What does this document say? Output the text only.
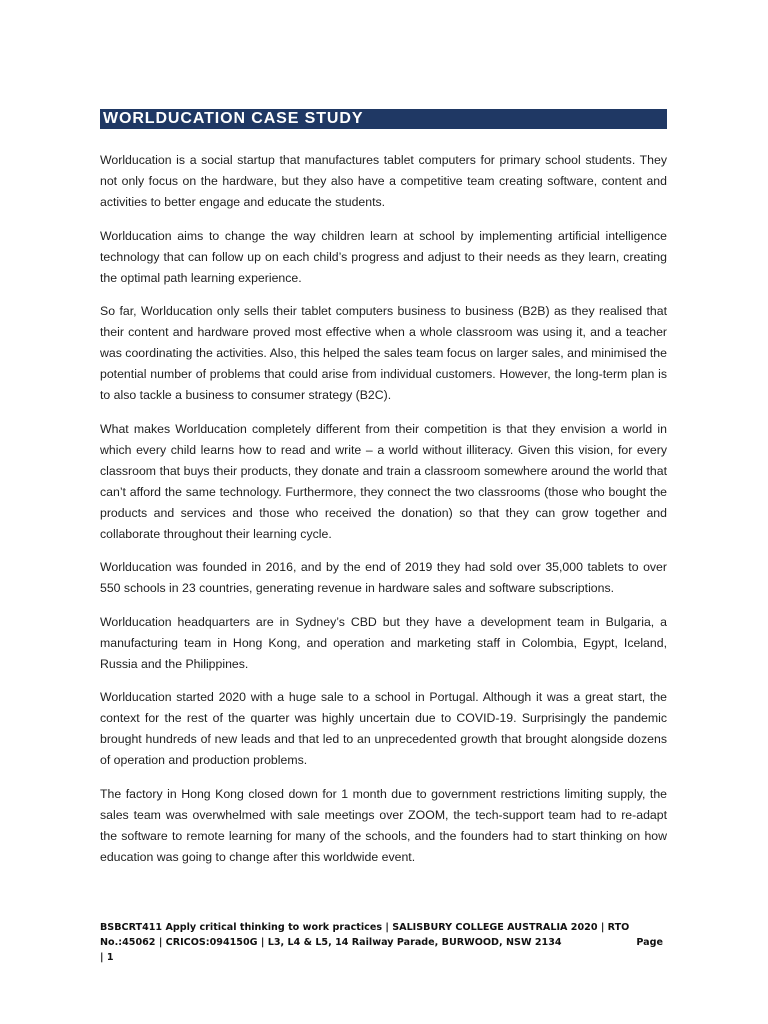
WORLDUCATION CASE STUDY

Worlducation is a social startup that manufactures tablet computers for primary school students. They not only focus on the hardware, but they also have a competitive team creating software, content and activities to better engage and educate the students.

Worlducation aims to change the way children learn at school by implementing artificial intelligence technology that can follow up on each child’s progress and adjust to their needs as they learn, creating the optimal path learning experience.

So far, Worlducation only sells their tablet computers business to business (B2B) as they realised that their content and hardware proved most effective when a whole classroom was using it, and a teacher was coordinating the activities. Also, this helped the sales team focus on larger sales, and minimised the potential number of problems that could arise from individual customers. However, the long-term plan is to also tackle a business to consumer strategy (B2C).

What makes Worlducation completely different from their competition is that they envision a world in which every child learns how to read and write – a world without illiteracy. Given this vision, for every classroom that buys their products, they donate and train a classroom somewhere around the world that can’t afford the same technology. Furthermore, they connect the two classrooms (those who bought the products and services and those who received the donation) so that they can grow together and collaborate throughout their learning cycle.

Worlducation was founded in 2016, and by the end of 2019 they had sold over 35,000 tablets to over 550 schools in 23 countries, generating revenue in hardware sales and software subscriptions.

Worlducation headquarters are in Sydney’s CBD but they have a development team in Bulgaria, a manufacturing team in Hong Kong, and operation and marketing staff in Colombia, Egypt, Iceland, Russia and the Philippines.

Worlducation started 2020 with a huge sale to a school in Portugal. Although it was a great start, the context for the rest of the quarter was highly uncertain due to COVID-19. Surprisingly the pandemic brought hundreds of new leads and that led to an unprecedented growth that brought alongside dozens of operation and production problems.

The factory in Hong Kong closed down for 1 month due to government restrictions limiting supply, the sales team was overwhelmed with sale meetings over ZOOM, the tech-support team had to re-adapt the software to remote learning for many of the schools, and the founders had to start thinking on how education was going to change after this worldwide event.

BSBCRT411 Apply critical thinking to work practices | SALISBURY COLLEGE AUSTRALIA 2020 | RTO
No.:45062 | CRICOS:094150G | L3, L4 & L5, 14 Railway Parade, BURWOOD, NSW 2134	Page
| 1
